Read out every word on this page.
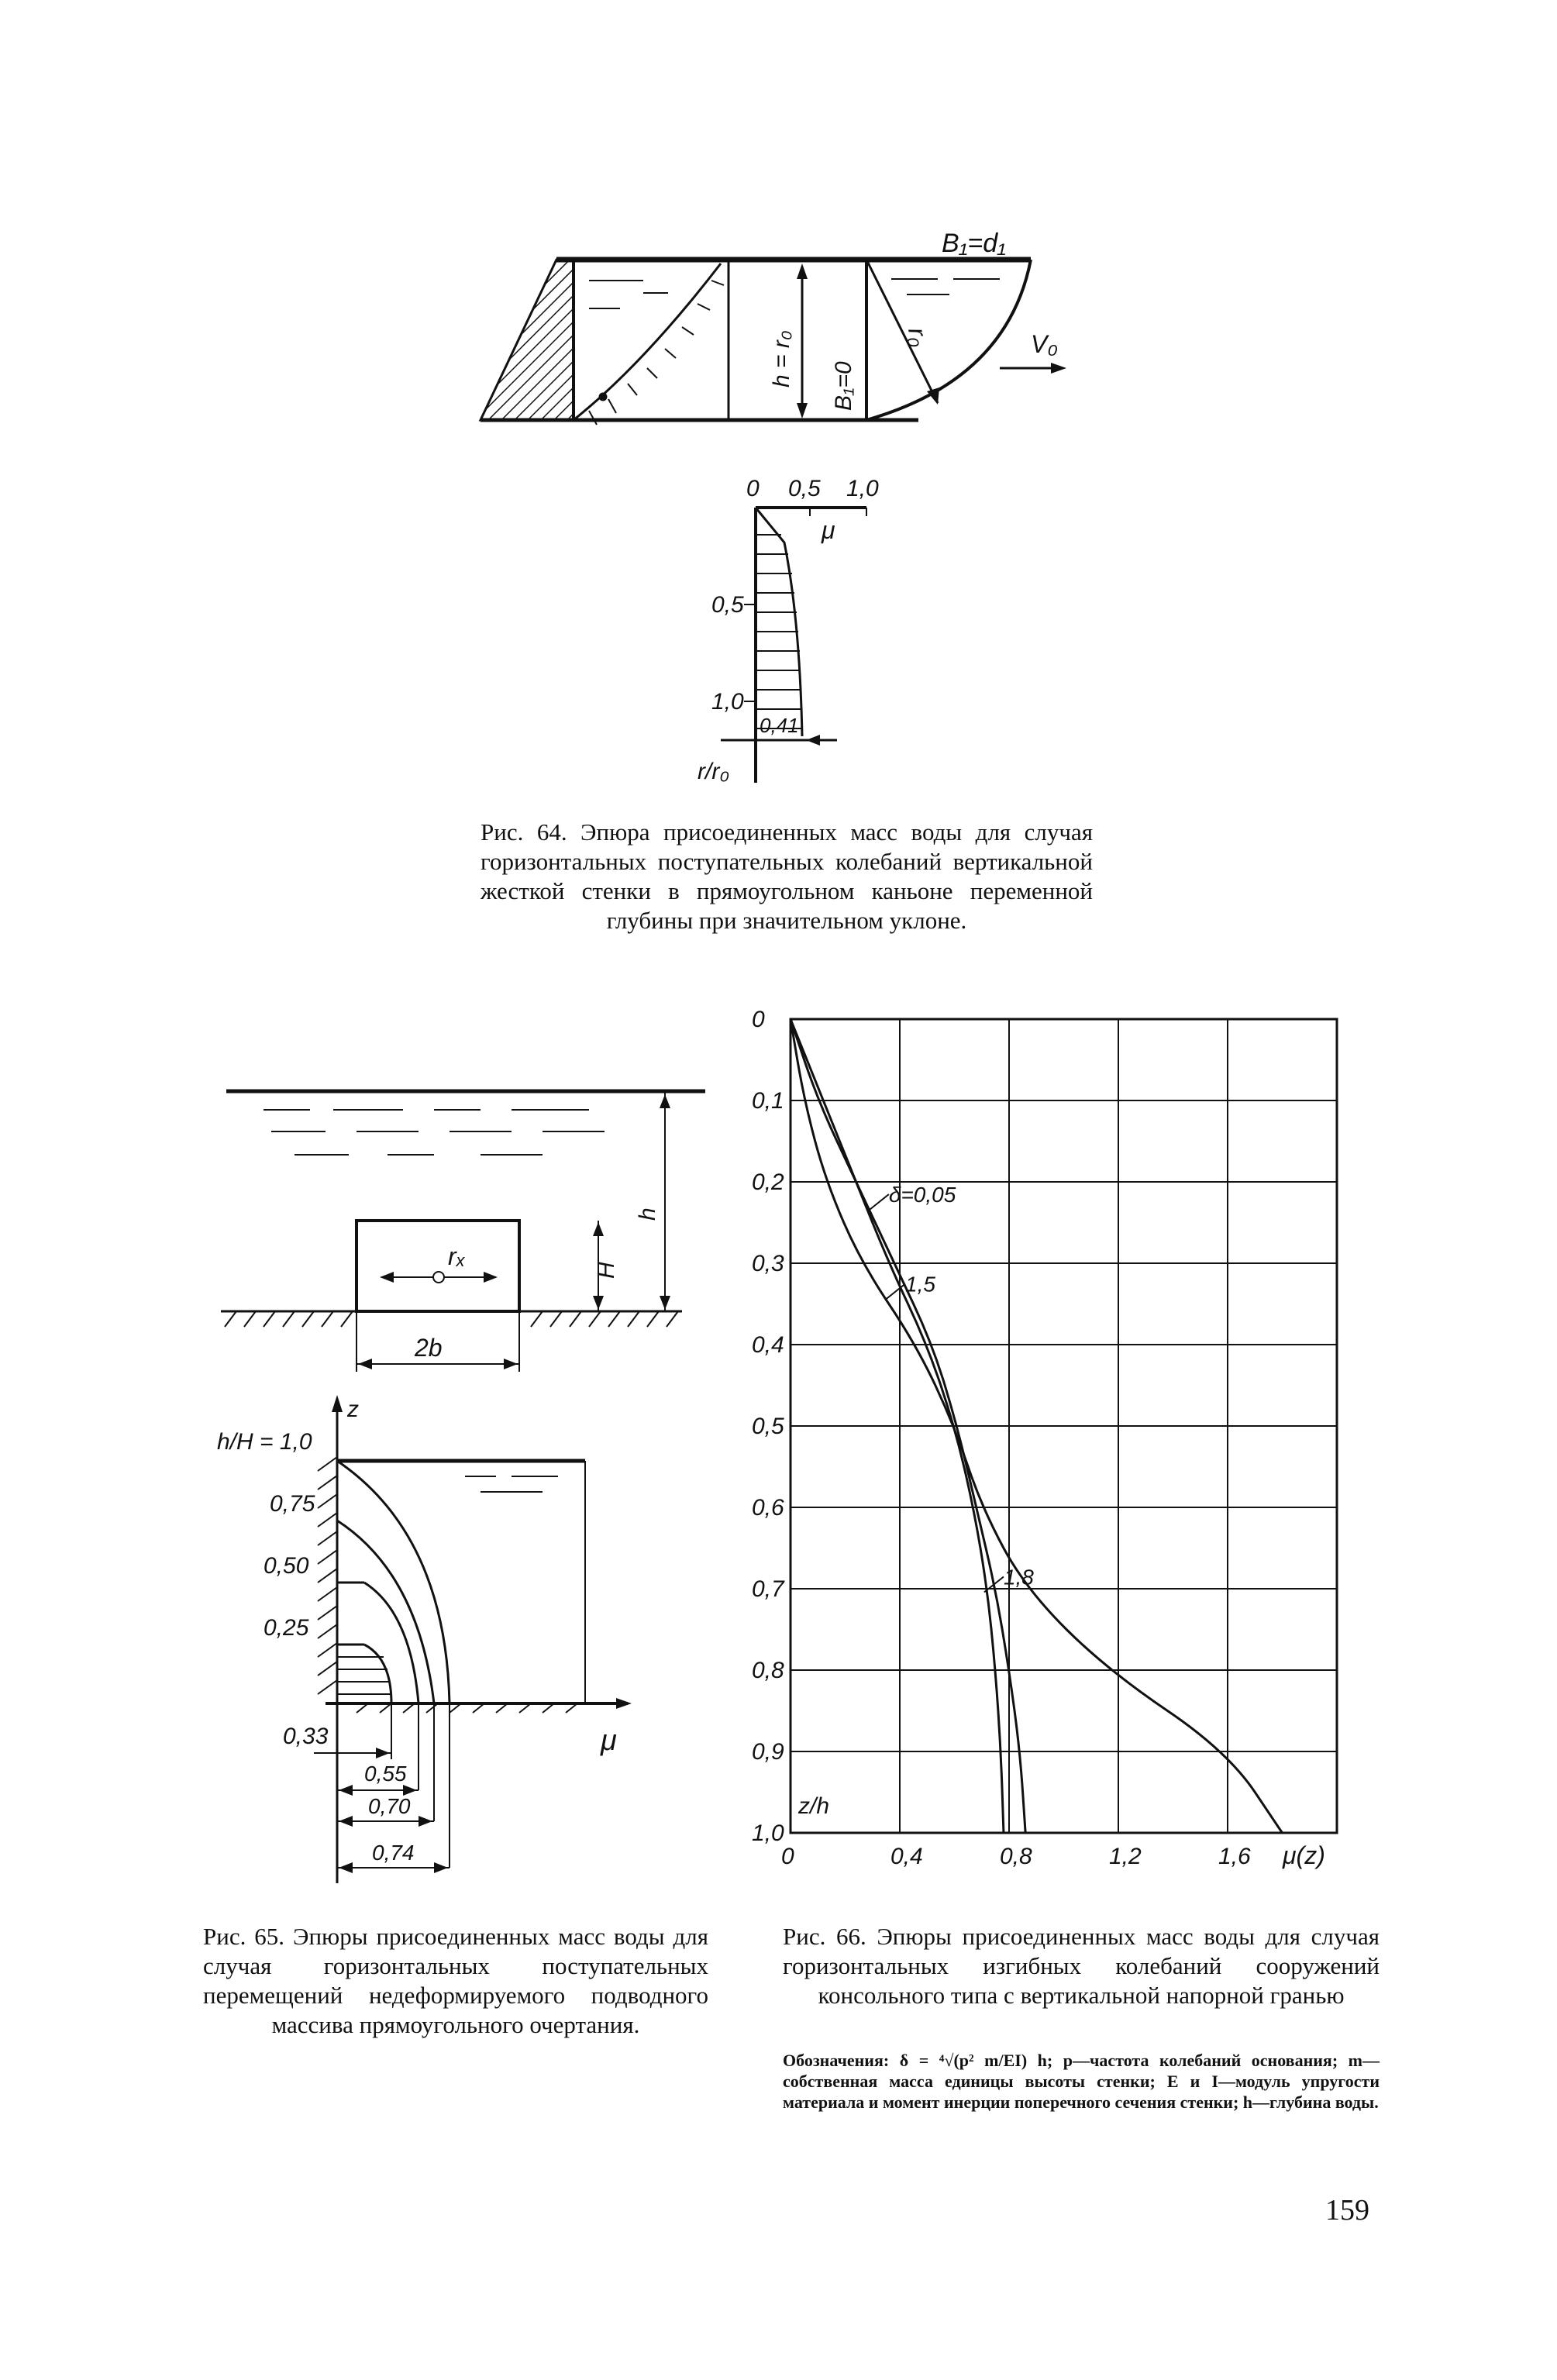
B₁=d₁
h = r₀ B₁=0
r₀	V₀
0 0,5 1,0
μ
0,5
1,0
r/r₀
0,41
Рис. 64. Эпюра присоединенных масс воды для случая горизонтальных поступательных колебаний вертикальной жесткой стенки в прямоугольном каньоне переменной глубины при значительном уклоне.
rₓ
H
h
2b
z
μ
h/H = 1,0
0,75
0,50
0,25
0,33
0,55
0,70
0,74
Рис. 65. Эпюры присоединенных масс воды для случая горизонтальных поступательных перемещений недеформируемого подводного массива прямоугольного очертания.
0	0,4	0,8	1,2	1,6
0
0,1
0,2
0,3
0,4
0,5
0,6
0,7
0,8
0,9
1,0
δ=0,05
1,5
1,8
μ(z)
z/h
Рис. 66. Эпюры присоединенных масс воды для случая горизонтальных изгибных колебаний сооружений консольного типа с вертикальной напорной гранью
Обозначения: δ = ⁴√(p² m/EI) h; p—частота колебаний основания; m—собственная масса единицы высоты стенки; E и I—модуль упругости материала и момент инерции поперечного сечения стенки; h—глубина воды.
159
